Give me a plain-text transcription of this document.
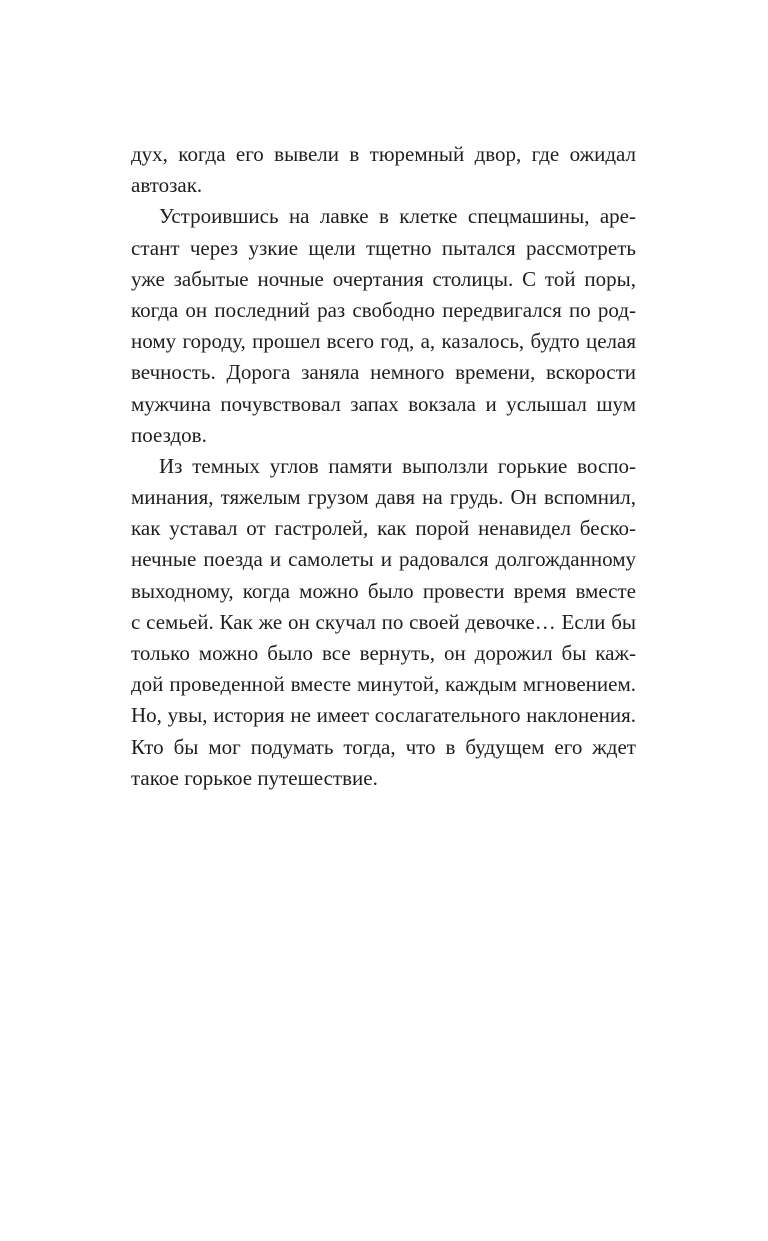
дух, когда его вывели в тюремный двор, где ожидал
автозак.
Устроившись на лавке в клетке спецмашины, аре-
стант через узкие щели тщетно пытался рассмотреть
уже забытые ночные очертания столицы. С той поры,
когда он последний раз свободно передвигался по род-
ному городу, прошел всего год, а, казалось, будто целая
вечность. Дорога заняла немного времени, вскорости
мужчина почувствовал запах вокзала и услышал шум
поездов.
Из темных углов памяти выползли горькие воспо-
минания, тяжелым грузом давя на грудь. Он вспомнил,
как уставал от гастролей, как порой ненавидел беско-
нечные поезда и самолеты и радовался долгожданному
выходному, когда можно было провести время вместе
с семьей. Как же он скучал по своей девочке… Если бы
только можно было все вернуть, он дорожил бы каж-
дой проведенной вместе минутой, каждым мгновением.
Но, увы, история не имеет сослагательного наклонения.
Кто бы мог подумать тогда, что в будущем его ждет
такое горькое путешествие.
